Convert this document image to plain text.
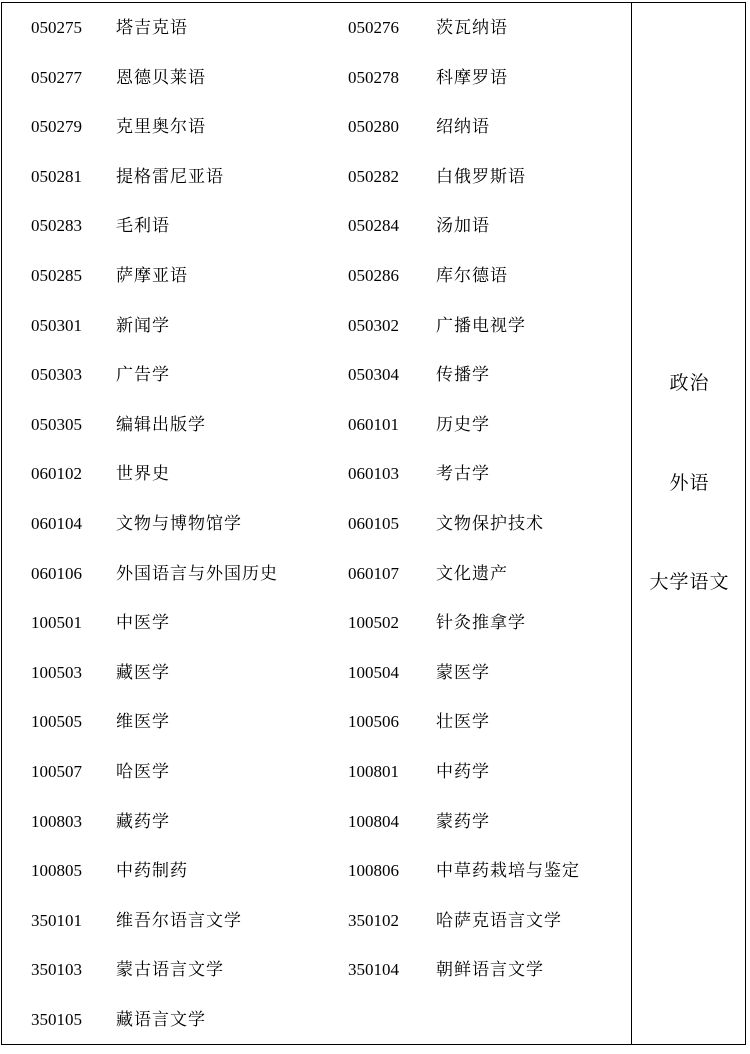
050275 塔吉克语	050276 茨瓦纳语
050277 恩德贝莱语	050278 科摩罗语
050279 克里奥尔语	050280 绍纳语
050281 提格雷尼亚语	050282 白俄罗斯语
050283 毛利语	050284 汤加语
050285 萨摩亚语	050286 库尔德语
050301 新闻学	050302 广播电视学
050303 广告学	050304 传播学
050305 编辑出版学	060101 历史学
060102 世界史	060103 考古学
060104 文物与博物馆学	060105 文物保护技术
060106 外国语言与外国历史	060107 文化遗产
100501 中医学	100502 针灸推拿学
100503 藏医学	100504 蒙医学
100505 维医学	100506 壮医学
100507 哈医学	100801 中药学
100803 藏药学	100804 蒙药学
100805 中药制药	100806 中草药栽培与鉴定
350101 维吾尔语言文学	350102 哈萨克语言文学
350103 蒙古语言文学	350104 朝鲜语言文学
350105 藏语言文学
政治
外语
大学语文
